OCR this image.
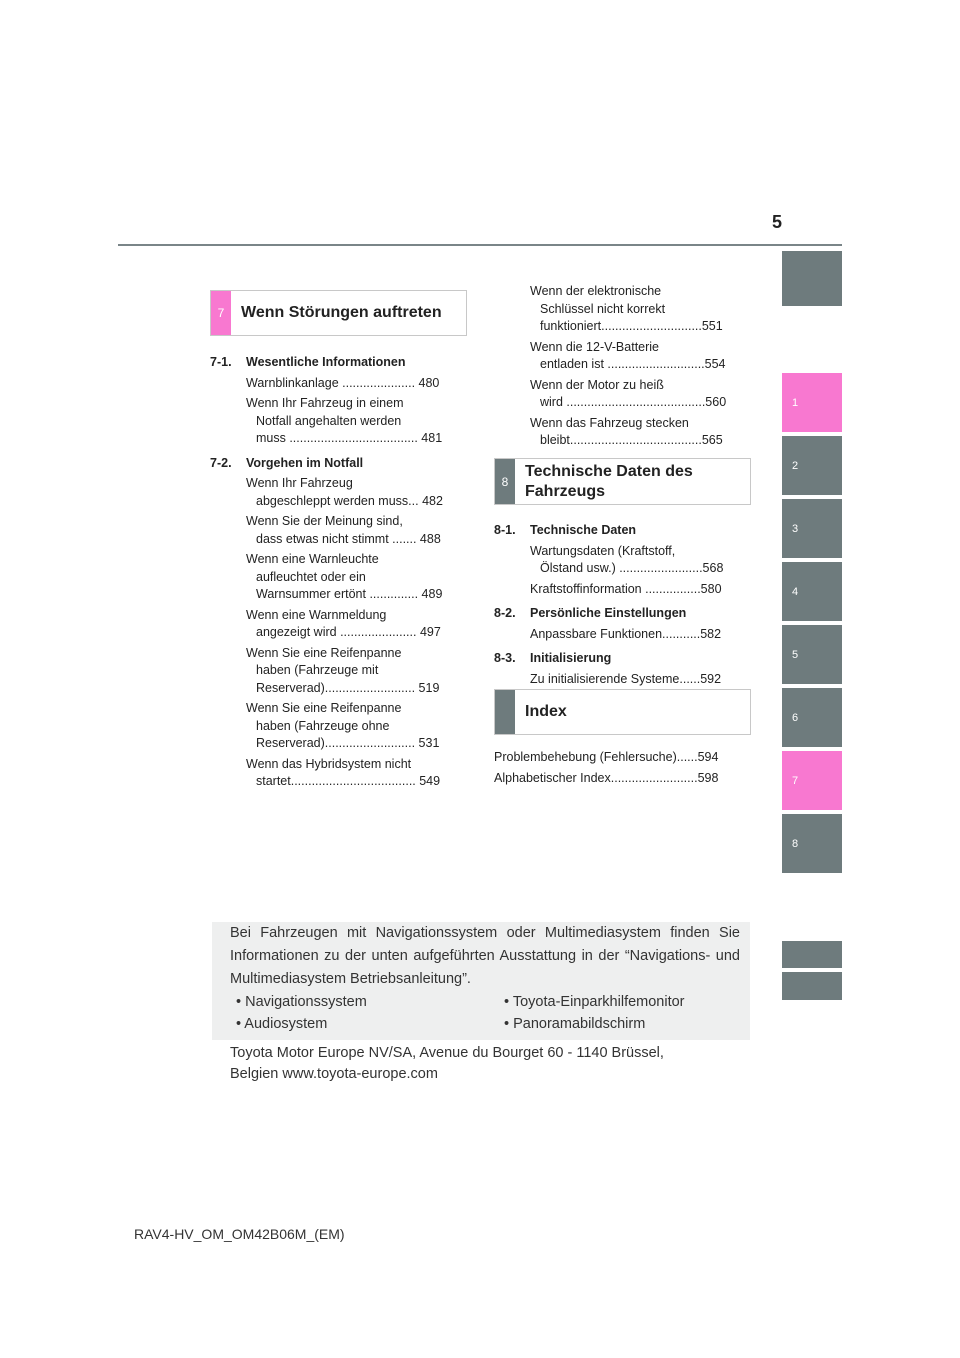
5
1
2
3
4
5
6
7
8
7	Wenn Störungen auftreten
7-1. Wesentliche Informationen
Warnblinkanlage ..................... 480
Wenn Ihr Fahrzeug in einem
Notfall angehalten werden
muss ..................................... 481
7-2. Vorgehen im Notfall
Wenn Ihr Fahrzeug
abgeschleppt werden muss... 482
Wenn Sie der Meinung sind,
dass etwas nicht stimmt ....... 488
Wenn eine Warnleuchte
aufleuchtet oder ein
Warnsummer ertönt .............. 489
Wenn eine Warnmeldung
angezeigt wird ...................... 497
Wenn Sie eine Reifenpanne
haben (Fahrzeuge mit
Reserverad).......................... 519
Wenn Sie eine Reifenpanne
haben (Fahrzeuge ohne
Reserverad).......................... 531
Wenn das Hybridsystem nicht
startet.................................... 549
Wenn der elektronische
Schlüssel nicht korrekt
funktioniert.............................551
Wenn die 12-V-Batterie
entladen ist ............................554
Wenn der Motor zu heiß
wird ........................................560
Wenn das Fahrzeug stecken
bleibt......................................565
8
Technische Daten des
Fahrzeugs
8-1. Technische Daten
Wartungsdaten (Kraftstoff,
Ölstand usw.) ........................568
Kraftstoffinformation ................580
8-2. Persönliche Einstellungen
Anpassbare Funktionen...........582
8-3. Initialisierung
Zu initialisierende Systeme......592
Index
Problembehebung (Fehlersuche)......594
Alphabetischer Index.........................598
Bei Fahrzeugen mit Navigationssystem oder Multimediasystem finden Sie Informationen zu der unten aufgeführten Ausstattung in der “Navigations- und Multimediasystem Betriebsanleitung”.
• Navigationssystem
• Audiosystem
• Toyota-Einparkhilfemonitor
• Panoramabildschirm
Toyota Motor Europe NV/SA, Avenue du Bourget 60 - 1140 Brüssel,
Belgien www.toyota-europe.com
RAV4-HV_OM_OM42B06M_(EM)
